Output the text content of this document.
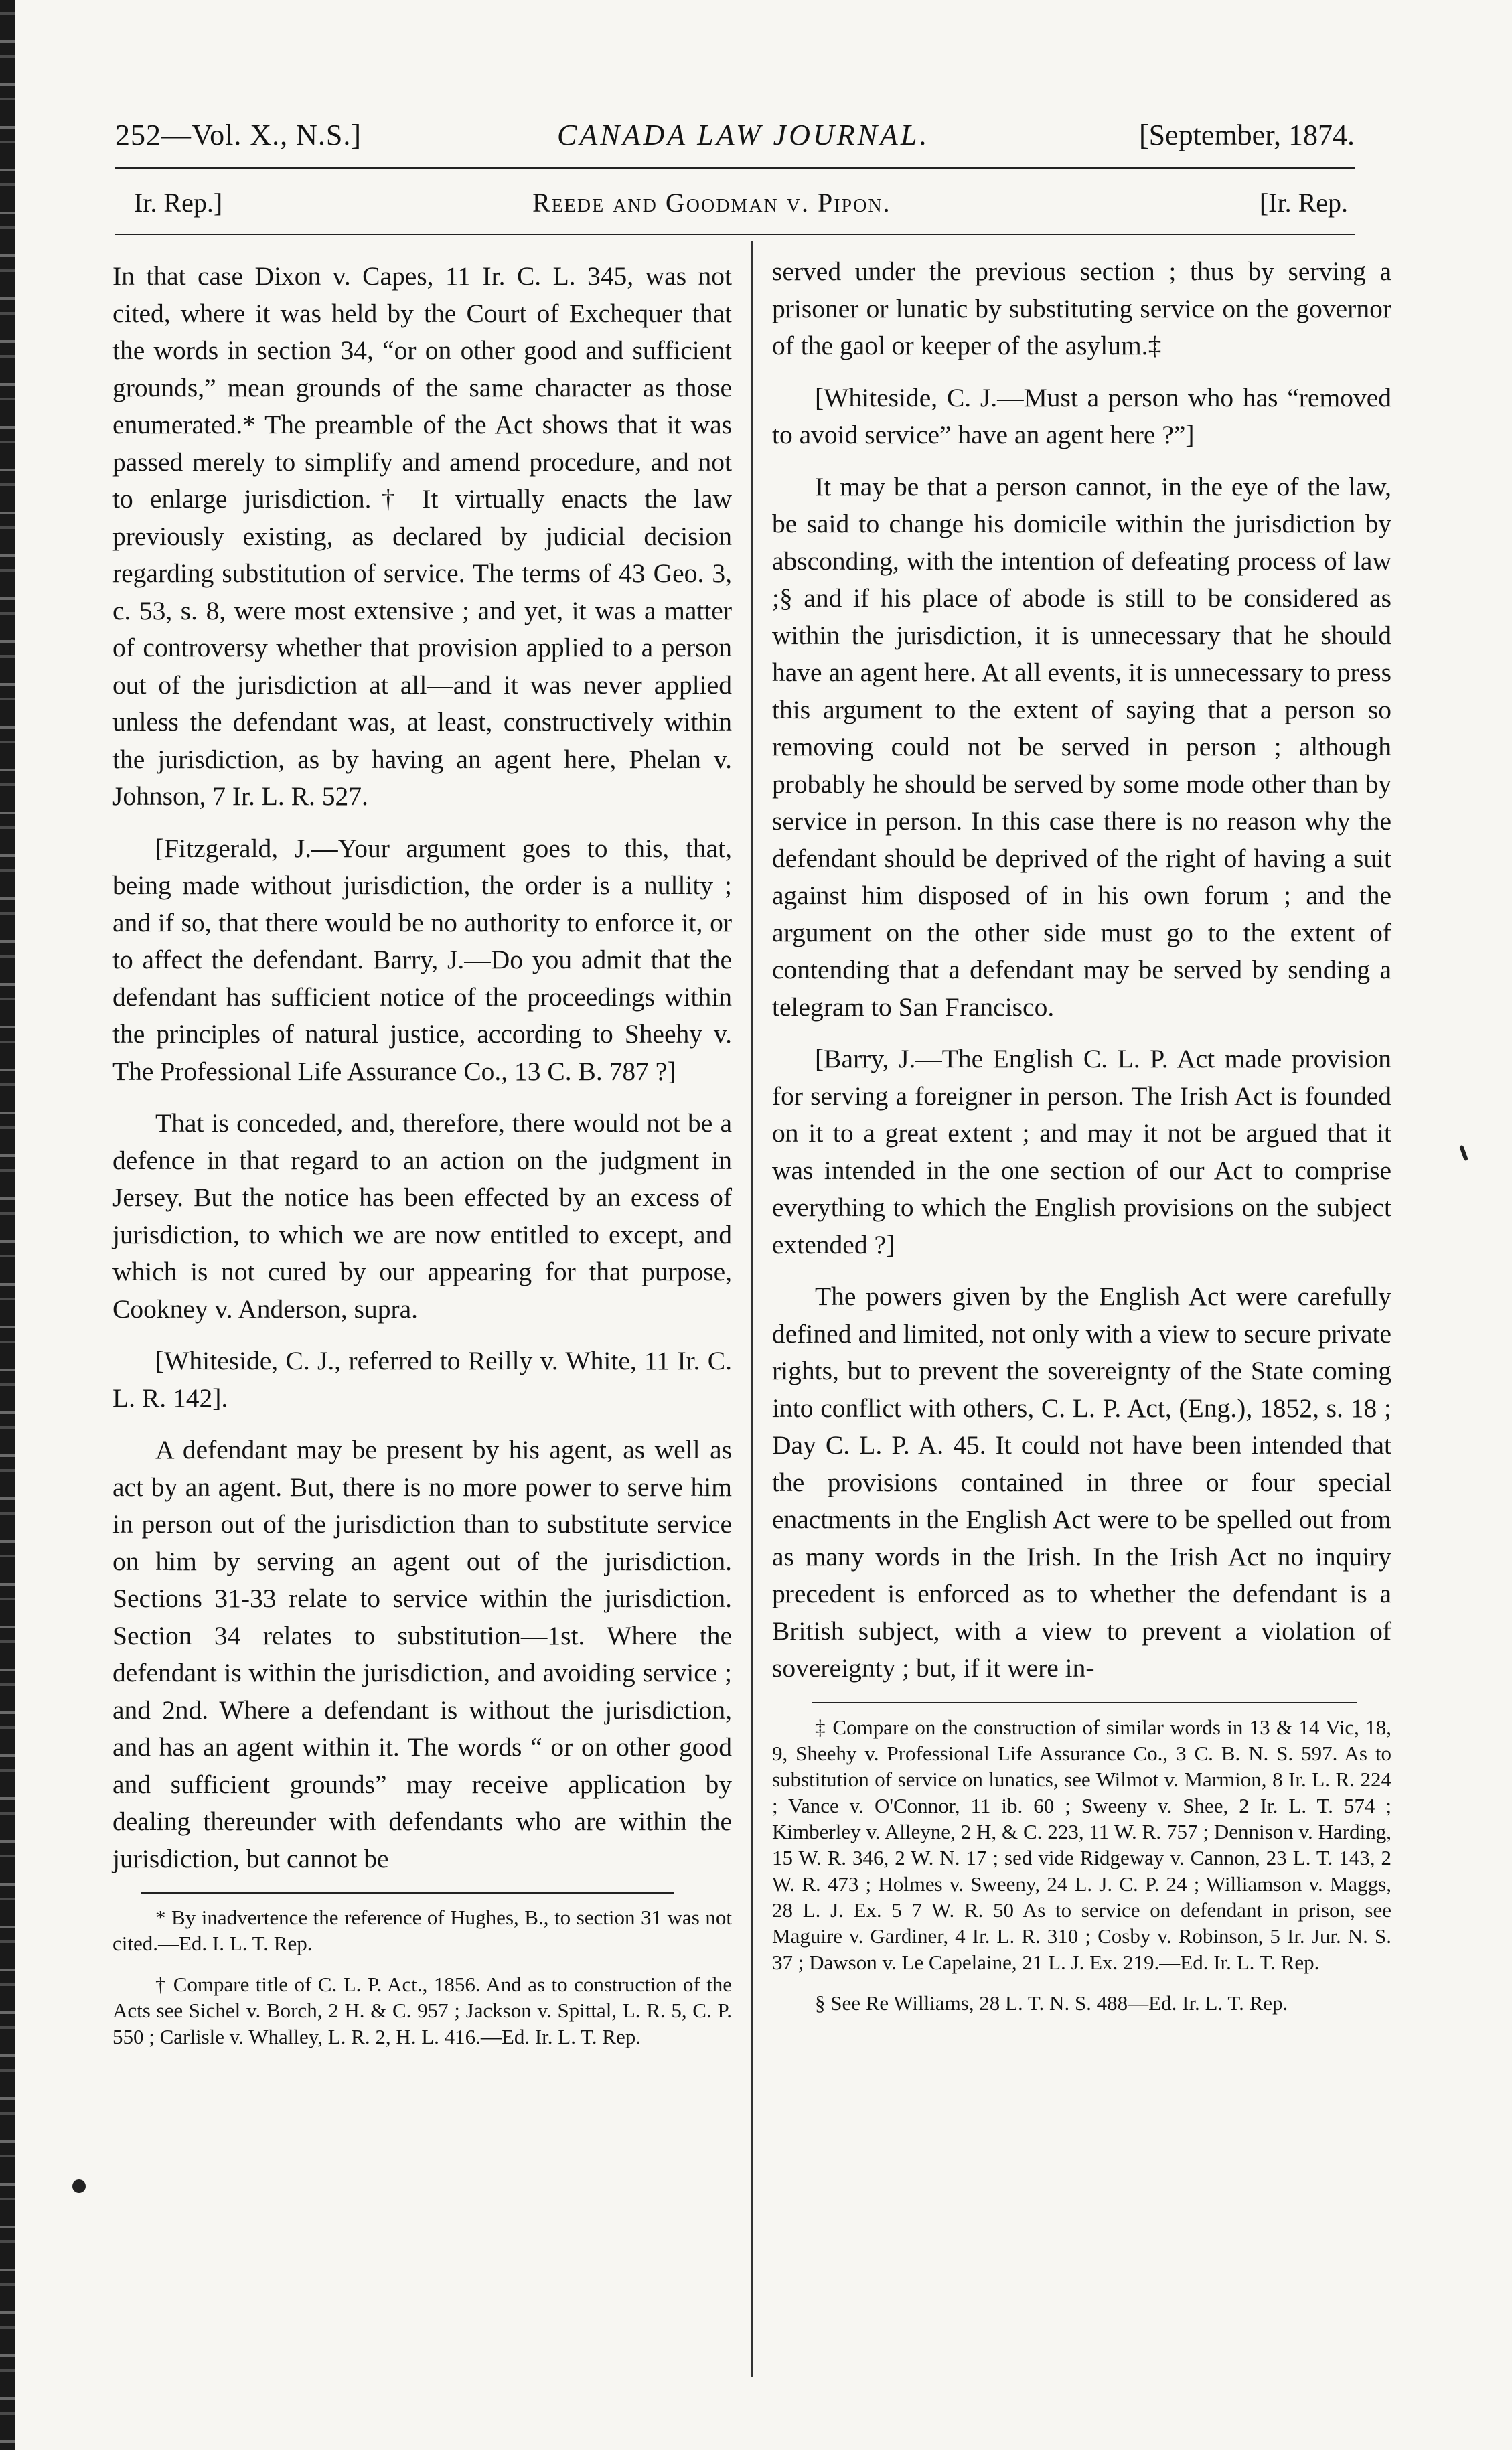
252—Vol. X., N.S.]	CANADA LAW JOURNAL.	[September, 1874.
Ir. Rep.]	Reede and Goodman v. Pipon.	[Ir. Rep.

In that case Dixon v. Capes, 11 Ir. C. L. 345, was not cited, where it was held by the Court of Exchequer that the words in section 34, “or on other good and sufficient grounds,” mean grounds of the same character as those enumerated.* The preamble of the Act shows that it was passed merely to simplify and amend procedure, and not to enlarge jurisdiction.† It virtually enacts the law previously existing, as declared by judicial decision regarding substitution of service. The terms of 43 Geo. 3, c. 53, s. 8, were most extensive ; and yet, it was a matter of controversy whether that provision applied to a person out of the jurisdiction at all—and it was never applied unless the defendant was, at least, constructively within the jurisdiction, as by having an agent here, Phelan v. Johnson, 7 Ir. L. R. 527.

[Fitzgerald, J.—Your argument goes to this, that, being made without jurisdiction, the order is a nullity ; and if so, that there would be no authority to enforce it, or to affect the defendant. Barry, J.—Do you admit that the defendant has sufficient notice of the proceedings within the principles of natural justice, according to Sheehy v. The Professional Life Assurance Co., 13 C. B. 787 ?]

That is conceded, and, therefore, there would not be a defence in that regard to an action on the judgment in Jersey. But the notice has been effected by an excess of jurisdiction, to which we are now entitled to except, and which is not cured by our appearing for that purpose, Cookney v. Anderson, supra.

[Whiteside, C. J., referred to Reilly v. White, 11 Ir. C. L. R. 142].

A defendant may be present by his agent, as well as act by an agent. But, there is no more power to serve him in person out of the jurisdiction than to substitute service on him by serving an agent out of the jurisdiction. Sections 31-33 relate to service within the jurisdiction. Section 34 relates to substitution—1st. Where the defendant is within the jurisdiction, and avoiding service ; and 2nd. Where a defendant is without the jurisdiction, and has an agent within it. The words “ or on other good and sufficient grounds” may receive application by dealing thereunder with defendants who are within the jurisdiction, but cannot be

* By inadvertence the reference of Hughes, B., to section 31 was not cited.—Ed. I. L. T. Rep.

† Compare title of C. L. P. Act., 1856. And as to construction of the Acts see Sichel v. Borch, 2 H. & C. 957 ; Jackson v. Spittal, L. R. 5, C. P. 550 ; Carlisle v. Whalley, L. R. 2, H. L. 416.—Ed. Ir. L. T. Rep.

served under the previous section ; thus by serving a prisoner or lunatic by substituting service on the governor of the gaol or keeper of the asylum.‡

[Whiteside, C. J.—Must a person who has “removed to avoid service” have an agent here ?”]

It may be that a person cannot, in the eye of the law, be said to change his domicile within the jurisdiction by absconding, with the intention of defeating process of law ;§ and if his place of abode is still to be considered as within the jurisdiction, it is unnecessary that he should have an agent here. At all events, it is unnecessary to press this argument to the extent of saying that a person so removing could not be served in person ; although probably he should be served by some mode other than by service in person. In this case there is no reason why the defendant should be deprived of the right of having a suit against him disposed of in his own forum ; and the argument on the other side must go to the extent of contending that a defendant may be served by sending a telegram to San Francisco.

[Barry, J.—The English C. L. P. Act made provision for serving a foreigner in person. The Irish Act is founded on it to a great extent ; and may it not be argued that it was intended in the one section of our Act to comprise everything to which the English provisions on the subject extended ?]

The powers given by the English Act were carefully defined and limited, not only with a view to secure private rights, but to prevent the sovereignty of the State coming into conflict with others, C. L. P. Act, (Eng.), 1852, s. 18 ; Day C. L. P. A. 45. It could not have been intended that the provisions contained in three or four special enactments in the English Act were to be spelled out from as many words in the Irish. In the Irish Act no inquiry precedent is enforced as to whether the defendant is a British subject, with a view to prevent a violation of sovereignty ; but, if it were in-

‡ Compare on the construction of similar words in 13 & 14 Vic, 18, 9, Sheehy v. Professional Life Assurance Co., 3 C. B. N. S. 597. As to substitution of service on lunatics, see Wilmot v. Marmion, 8 Ir. L. R. 224 ; Vance v. O'Connor, 11 ib. 60 ; Sweeny v. Shee, 2 Ir. L. T. 574 ; Kimberley v. Alleyne, 2 H, & C. 223, 11 W. R. 757 ; Dennison v. Harding, 15 W. R. 346, 2 W. N. 17 ; sed vide Ridgeway v. Cannon, 23 L. T. 143, 2 W. R. 473 ; Holmes v. Sweeny, 24 L. J. C. P. 24 ; Williamson v. Maggs, 28 L. J. Ex. 5 7 W. R. 50 As to service on defendant in prison, see Maguire v. Gardiner, 4 Ir. L. R. 310 ; Cosby v. Robinson, 5 Ir. Jur. N. S. 37 ; Dawson v. Le Capelaine, 21 L. J. Ex. 219.—Ed. Ir. L. T. Rep.

§ See Re Williams, 28 L. T. N. S. 488—Ed. Ir. L. T. Rep.
